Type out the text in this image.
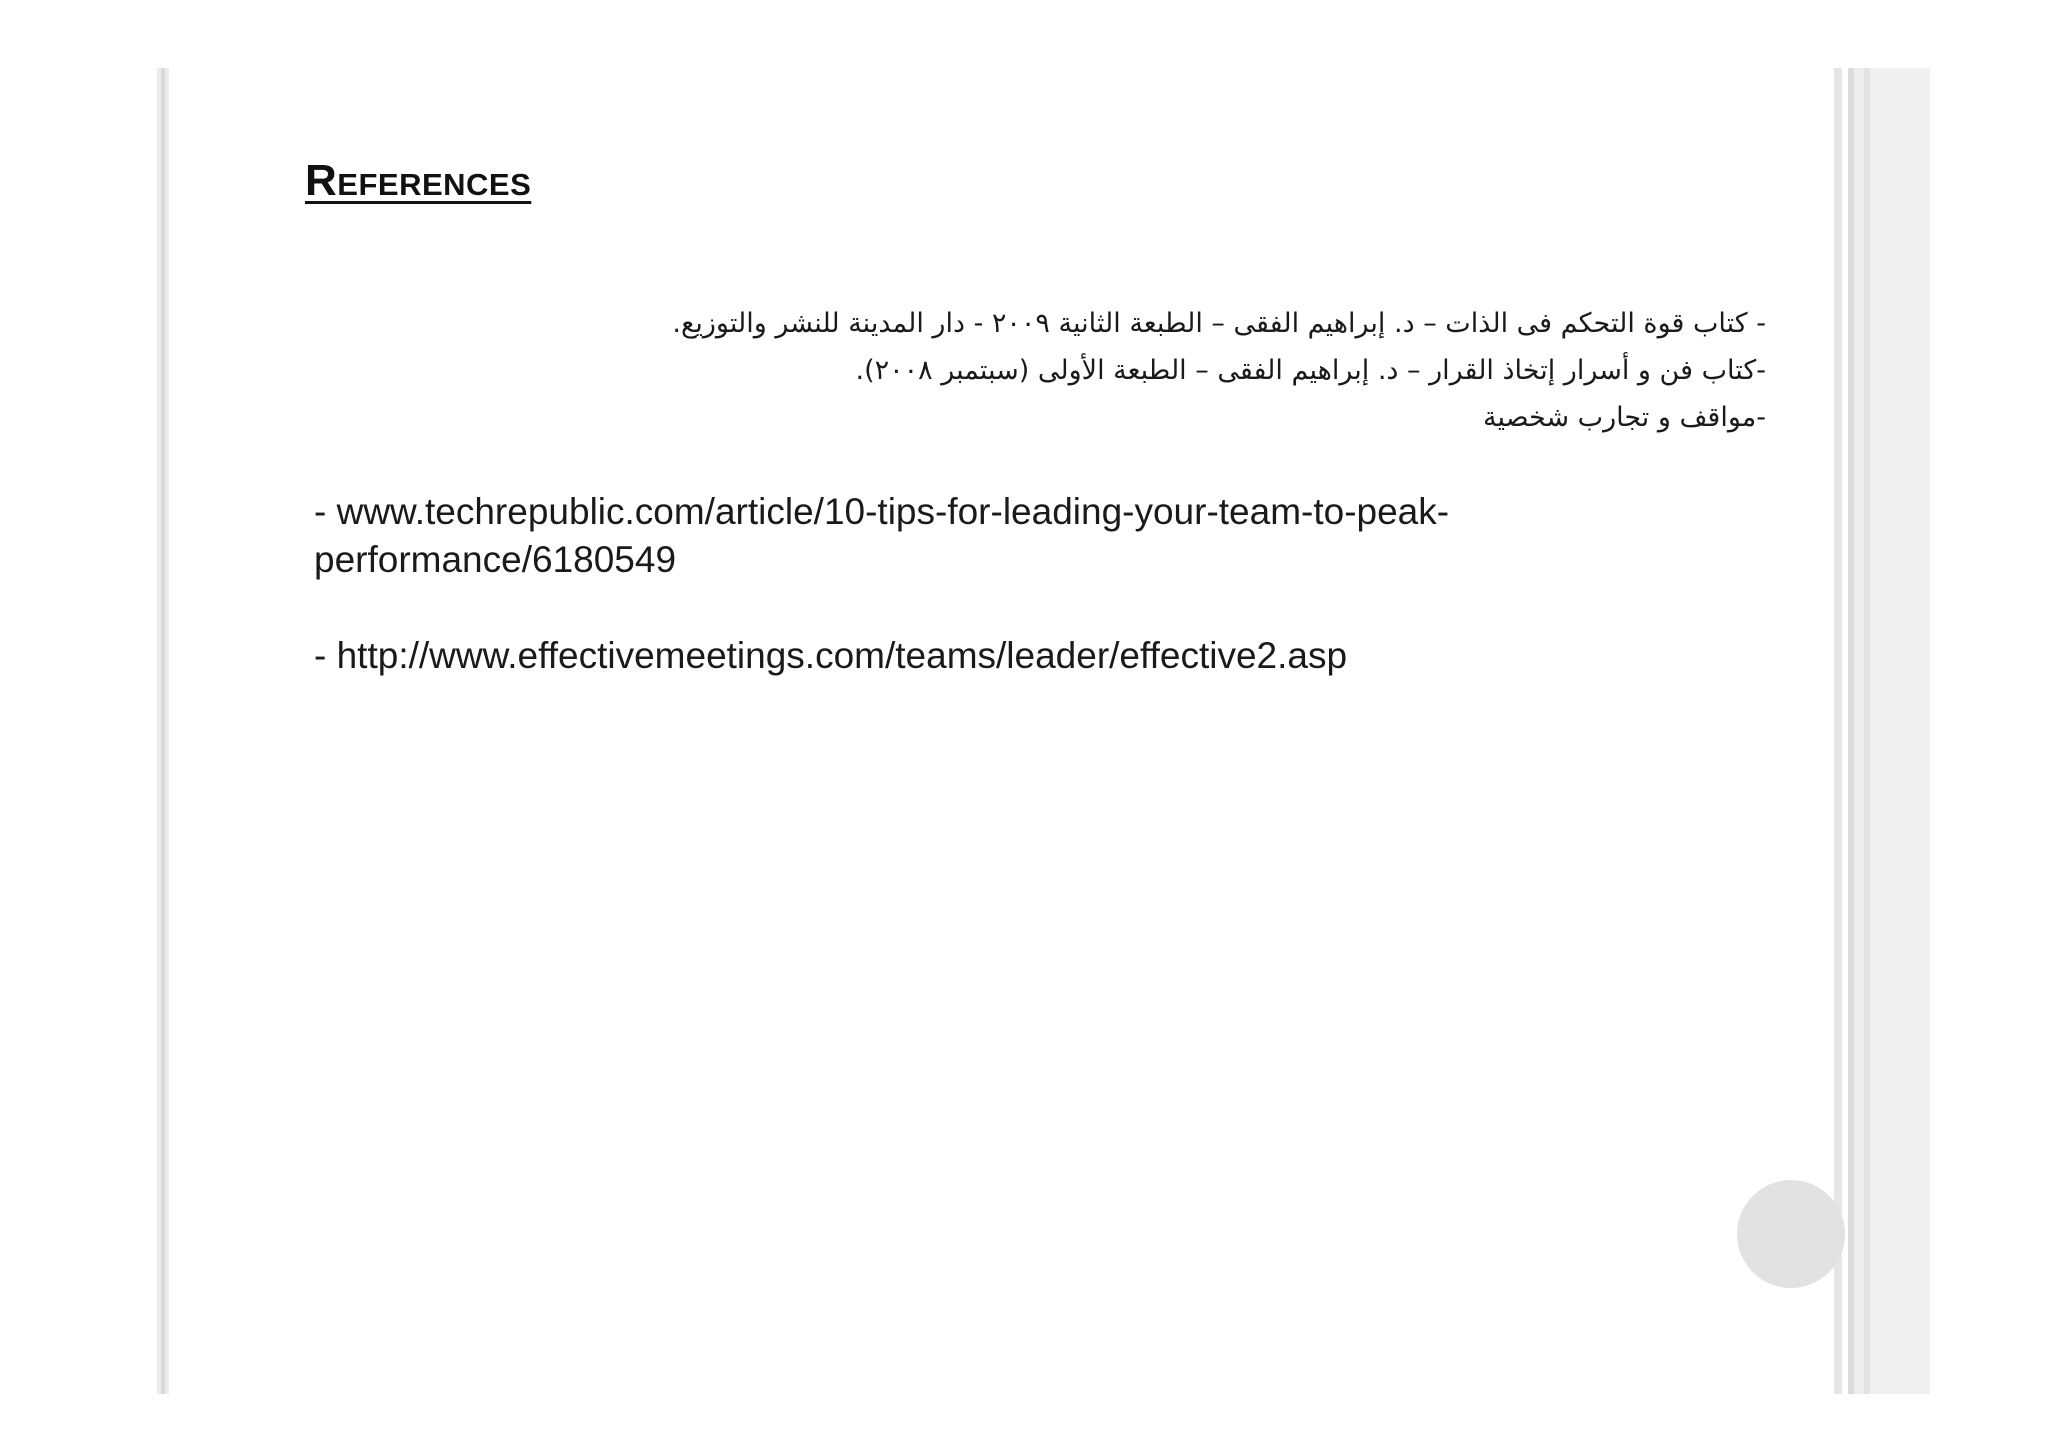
References
- كتاب قوة التحكم فى الذات – د. إبراهيم الفقى – الطبعة الثانية ٢٠٠٩ - دار المدينة للنشر والتوزيع.
-كتاب فن و أسرار إتخاذ القرار – د. إبراهيم الفقى – الطبعة الأولى (سبتمبر ٢٠٠٨).
-مواقف و تجارب شخصية
- www.techrepublic.com/article/10-tips-for-leading-your-team-to-peak-performance/6180549
- http://www.effectivemeetings.com/teams/leader/effective2.asp
